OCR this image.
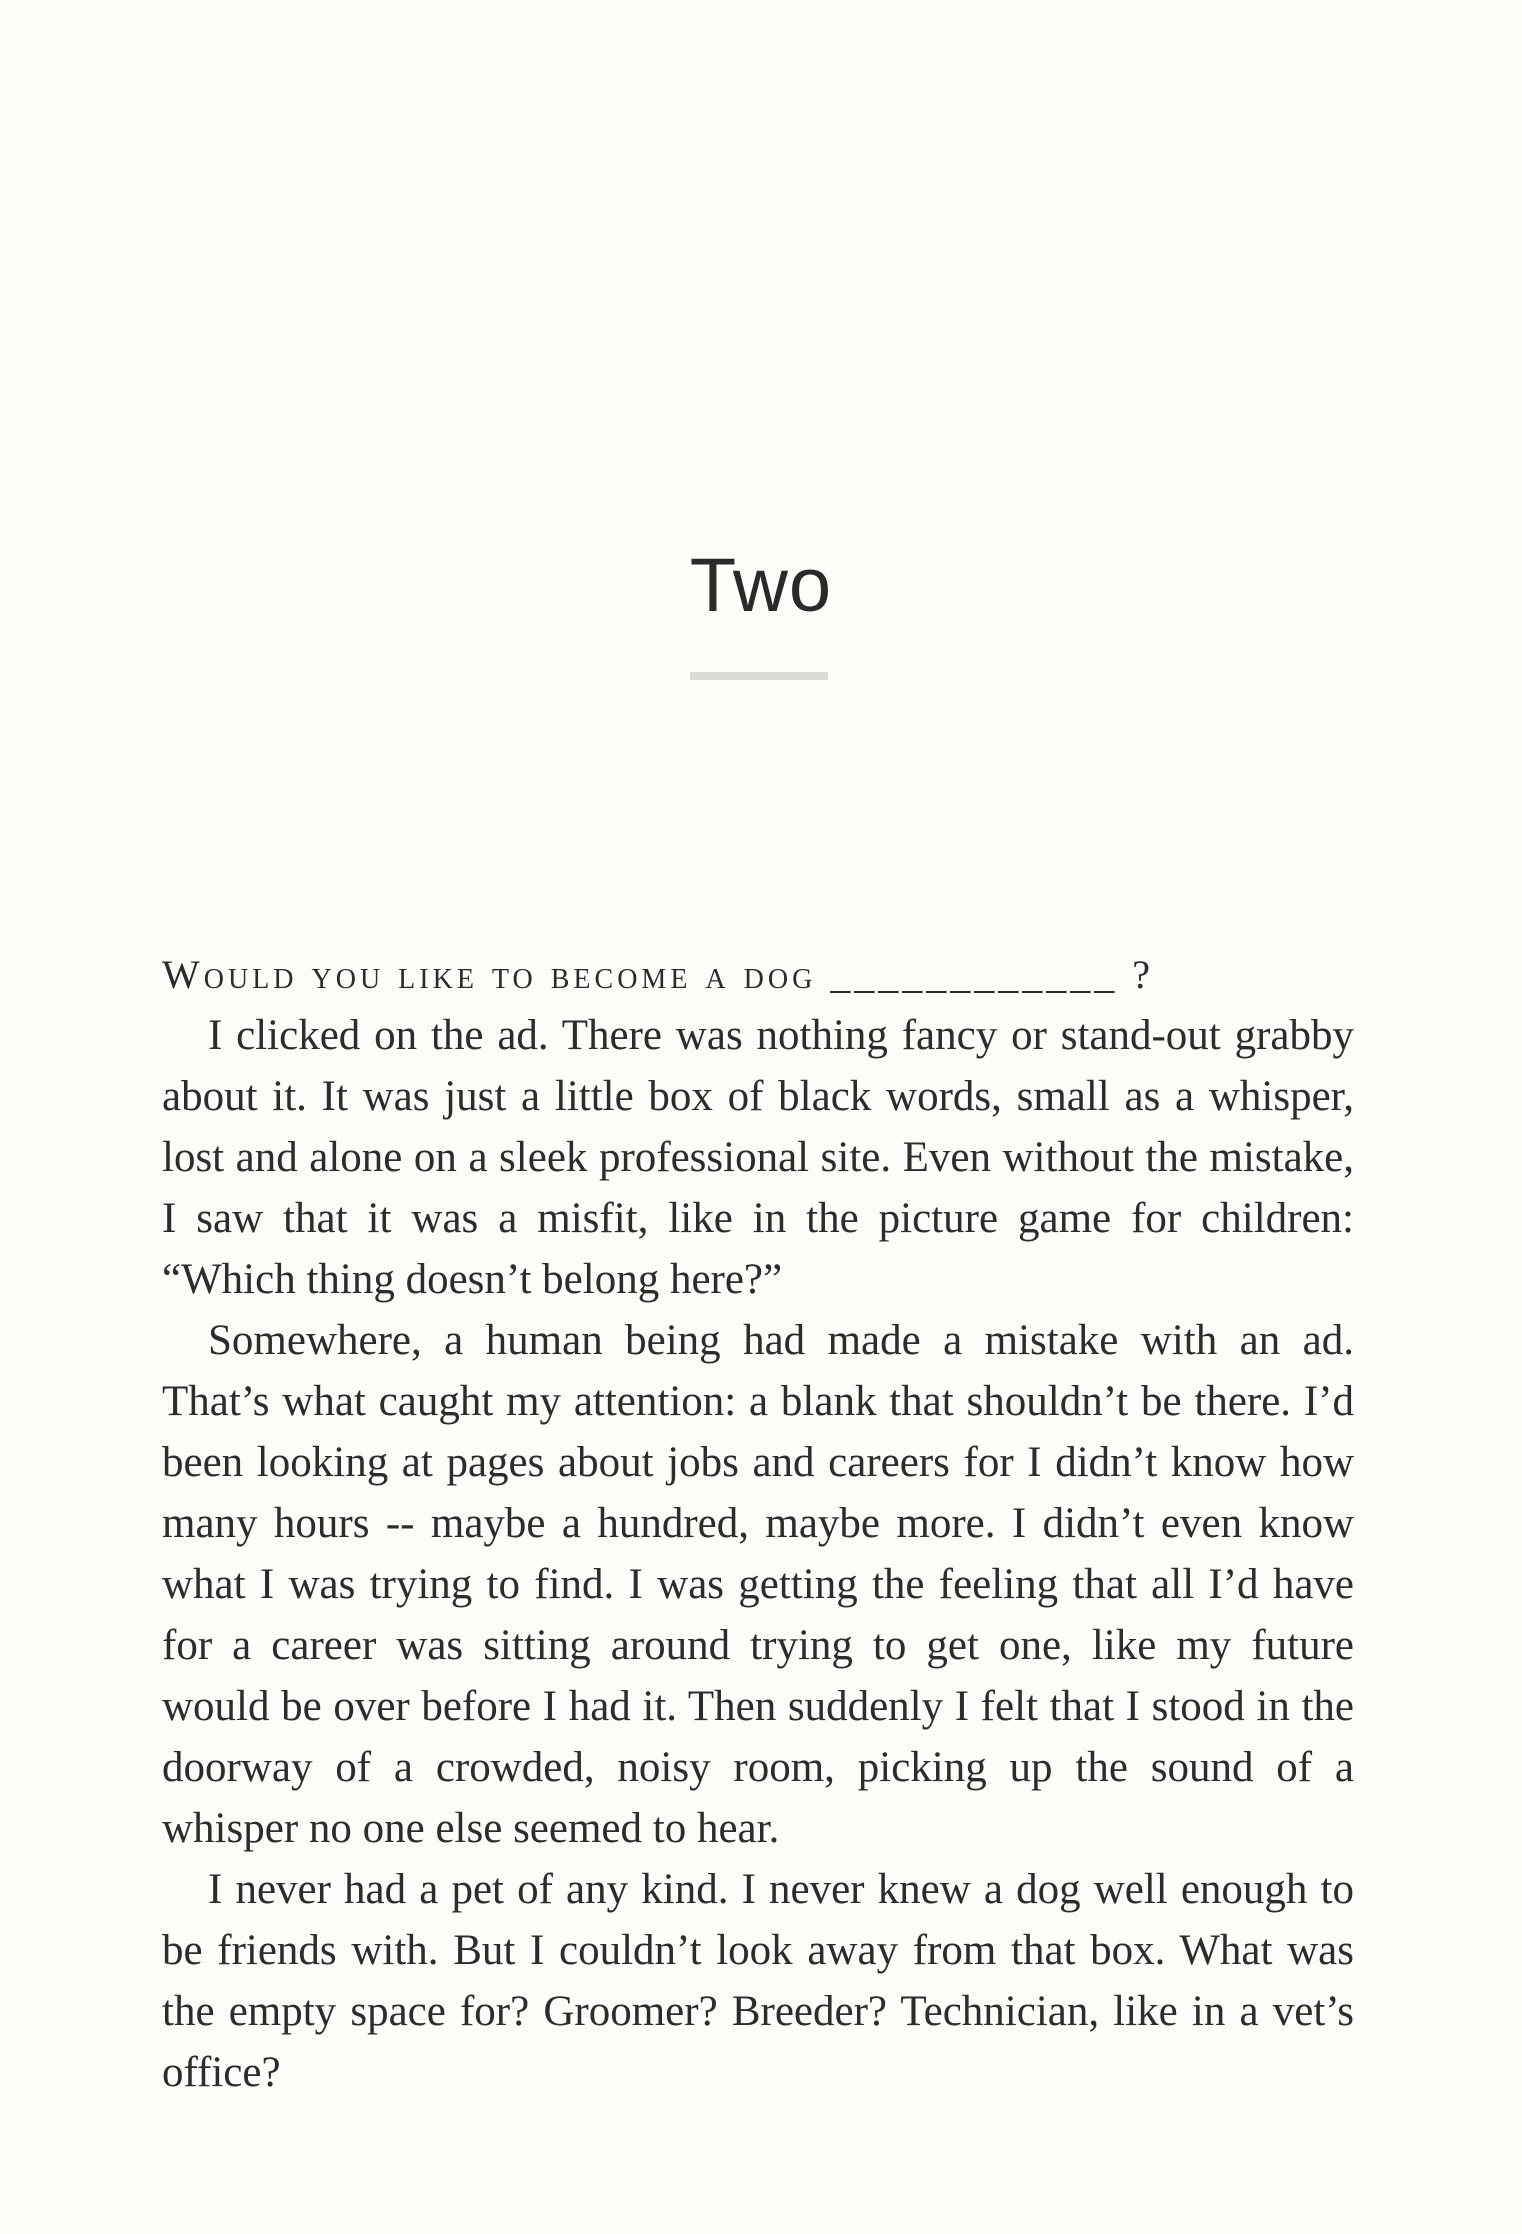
Two

Would you like to become a dog ____________ ?

I clicked on the ad. There was nothing fancy or stand-out grabby about it. It was just a little box of black words, small as a whisper, lost and alone on a sleek professional site. Even without the mistake, I saw that it was a misfit, like in the picture game for children: “Which thing doesn’t belong here?”

Somewhere, a human being had made a mistake with an ad. That’s what caught my attention: a blank that shouldn’t be there. I’d been looking at pages about jobs and careers for I didn’t know how many hours -- maybe a hundred, maybe more. I didn’t even know what I was trying to find. I was getting the feeling that all I’d have for a career was sitting around trying to get one, like my future would be over before I had it. Then suddenly I felt that I stood in the doorway of a crowded, noisy room, picking up the sound of a whisper no one else seemed to hear.

I never had a pet of any kind. I never knew a dog well enough to be friends with. But I couldn’t look away from that box. What was the empty space for? Groomer? Breeder? Technician, like in a vet’s office?
